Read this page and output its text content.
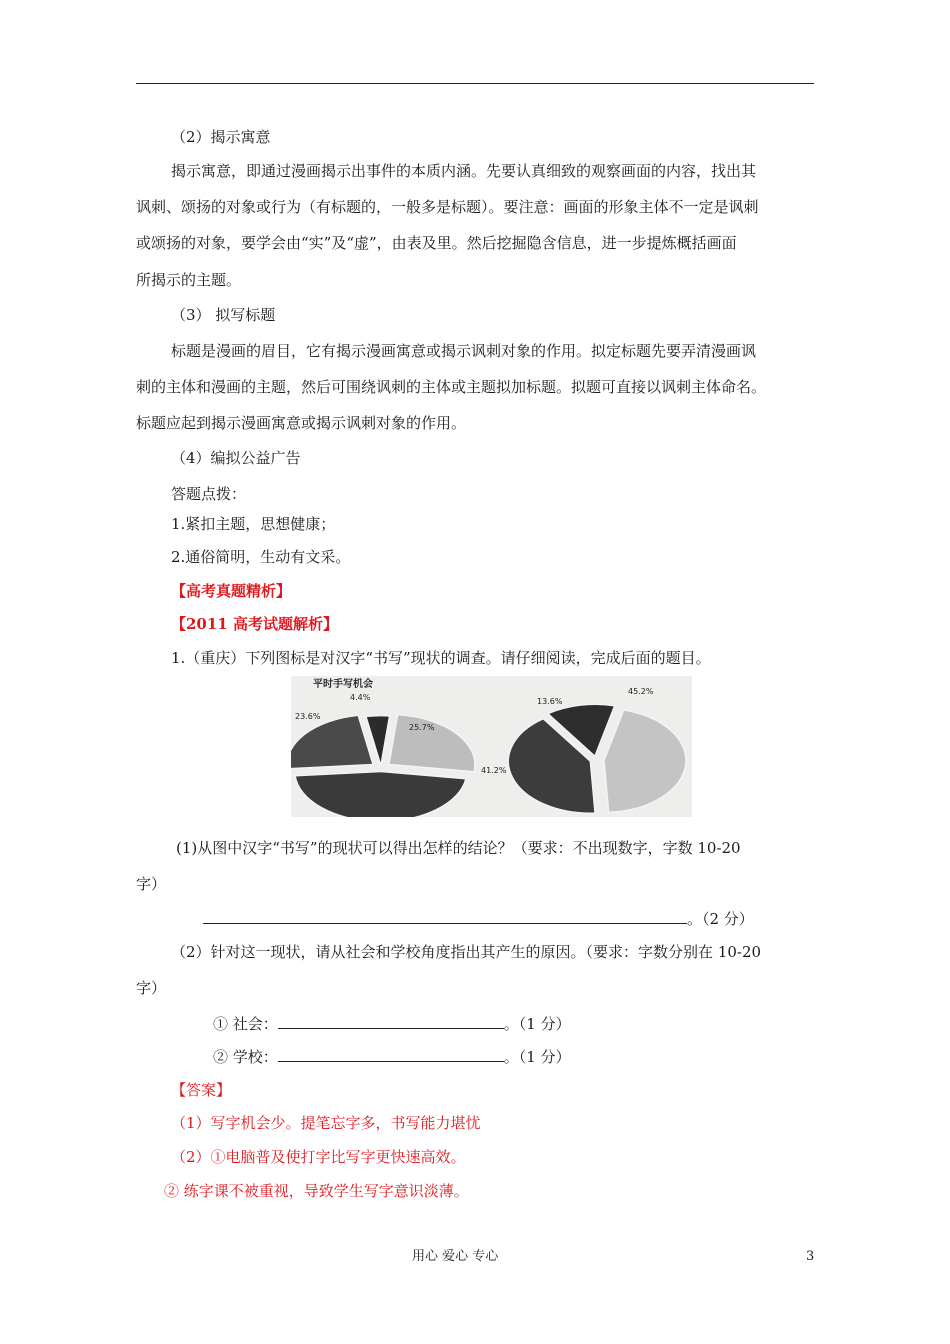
（2）揭示寓意
揭示寓意，即通过漫画揭示出事件的本质内涵。先要认真细致的观察画面的内容，找出其
讽刺、颂扬的对象或行为（有标题的，一般多是标题）。要注意：画面的形象主体不一定是讽刺
或颂扬的对象，要学会由“实”及“虚”，由表及里。然后挖掘隐含信息，进一步提炼概括画面
所揭示的主题。
（3） 拟写标题
标题是漫画的眉目，它有揭示漫画寓意或揭示讽刺对象的作用。拟定标题先要弄清漫画讽
刺的主体和漫画的主题，然后可围绕讽刺的主体或主题拟加标题。拟题可直接以讽刺主体命名。
标题应起到揭示漫画寓意或揭示讽刺对象的作用。
（4）编拟公益广告
答题点拨：
1.紧扣主题，思想健康；
2.通俗简明，生动有文采。
【高考真题精析】
【2011 高考试题解析】
1.（重庆）下列图标是对汉字“书写”现状的调查。请仔细阅读，完成后面的题目。
平时手写机会
4.4%
25.7%
23.6%
13.6%
45.2%
41.2%
(1)从图中汉字“书写”的现状可以得出怎样的结论？（要求：不出现数字，字数 10-20
字）
。（2 分）
（2）针对这一现状，请从社会和学校角度指出其产生的原因。（要求：字数分别在 10-20
字）
① 社会：	。（1 分）
② 学校：	。（1 分）
【答案】
（1）写字机会少。提笔忘字多，书写能力堪忧
（2）①电脑普及使打字比写字更快速高效。
② 练字课不被重视，导致学生写字意识淡薄。
用心 爱心 专心	3
